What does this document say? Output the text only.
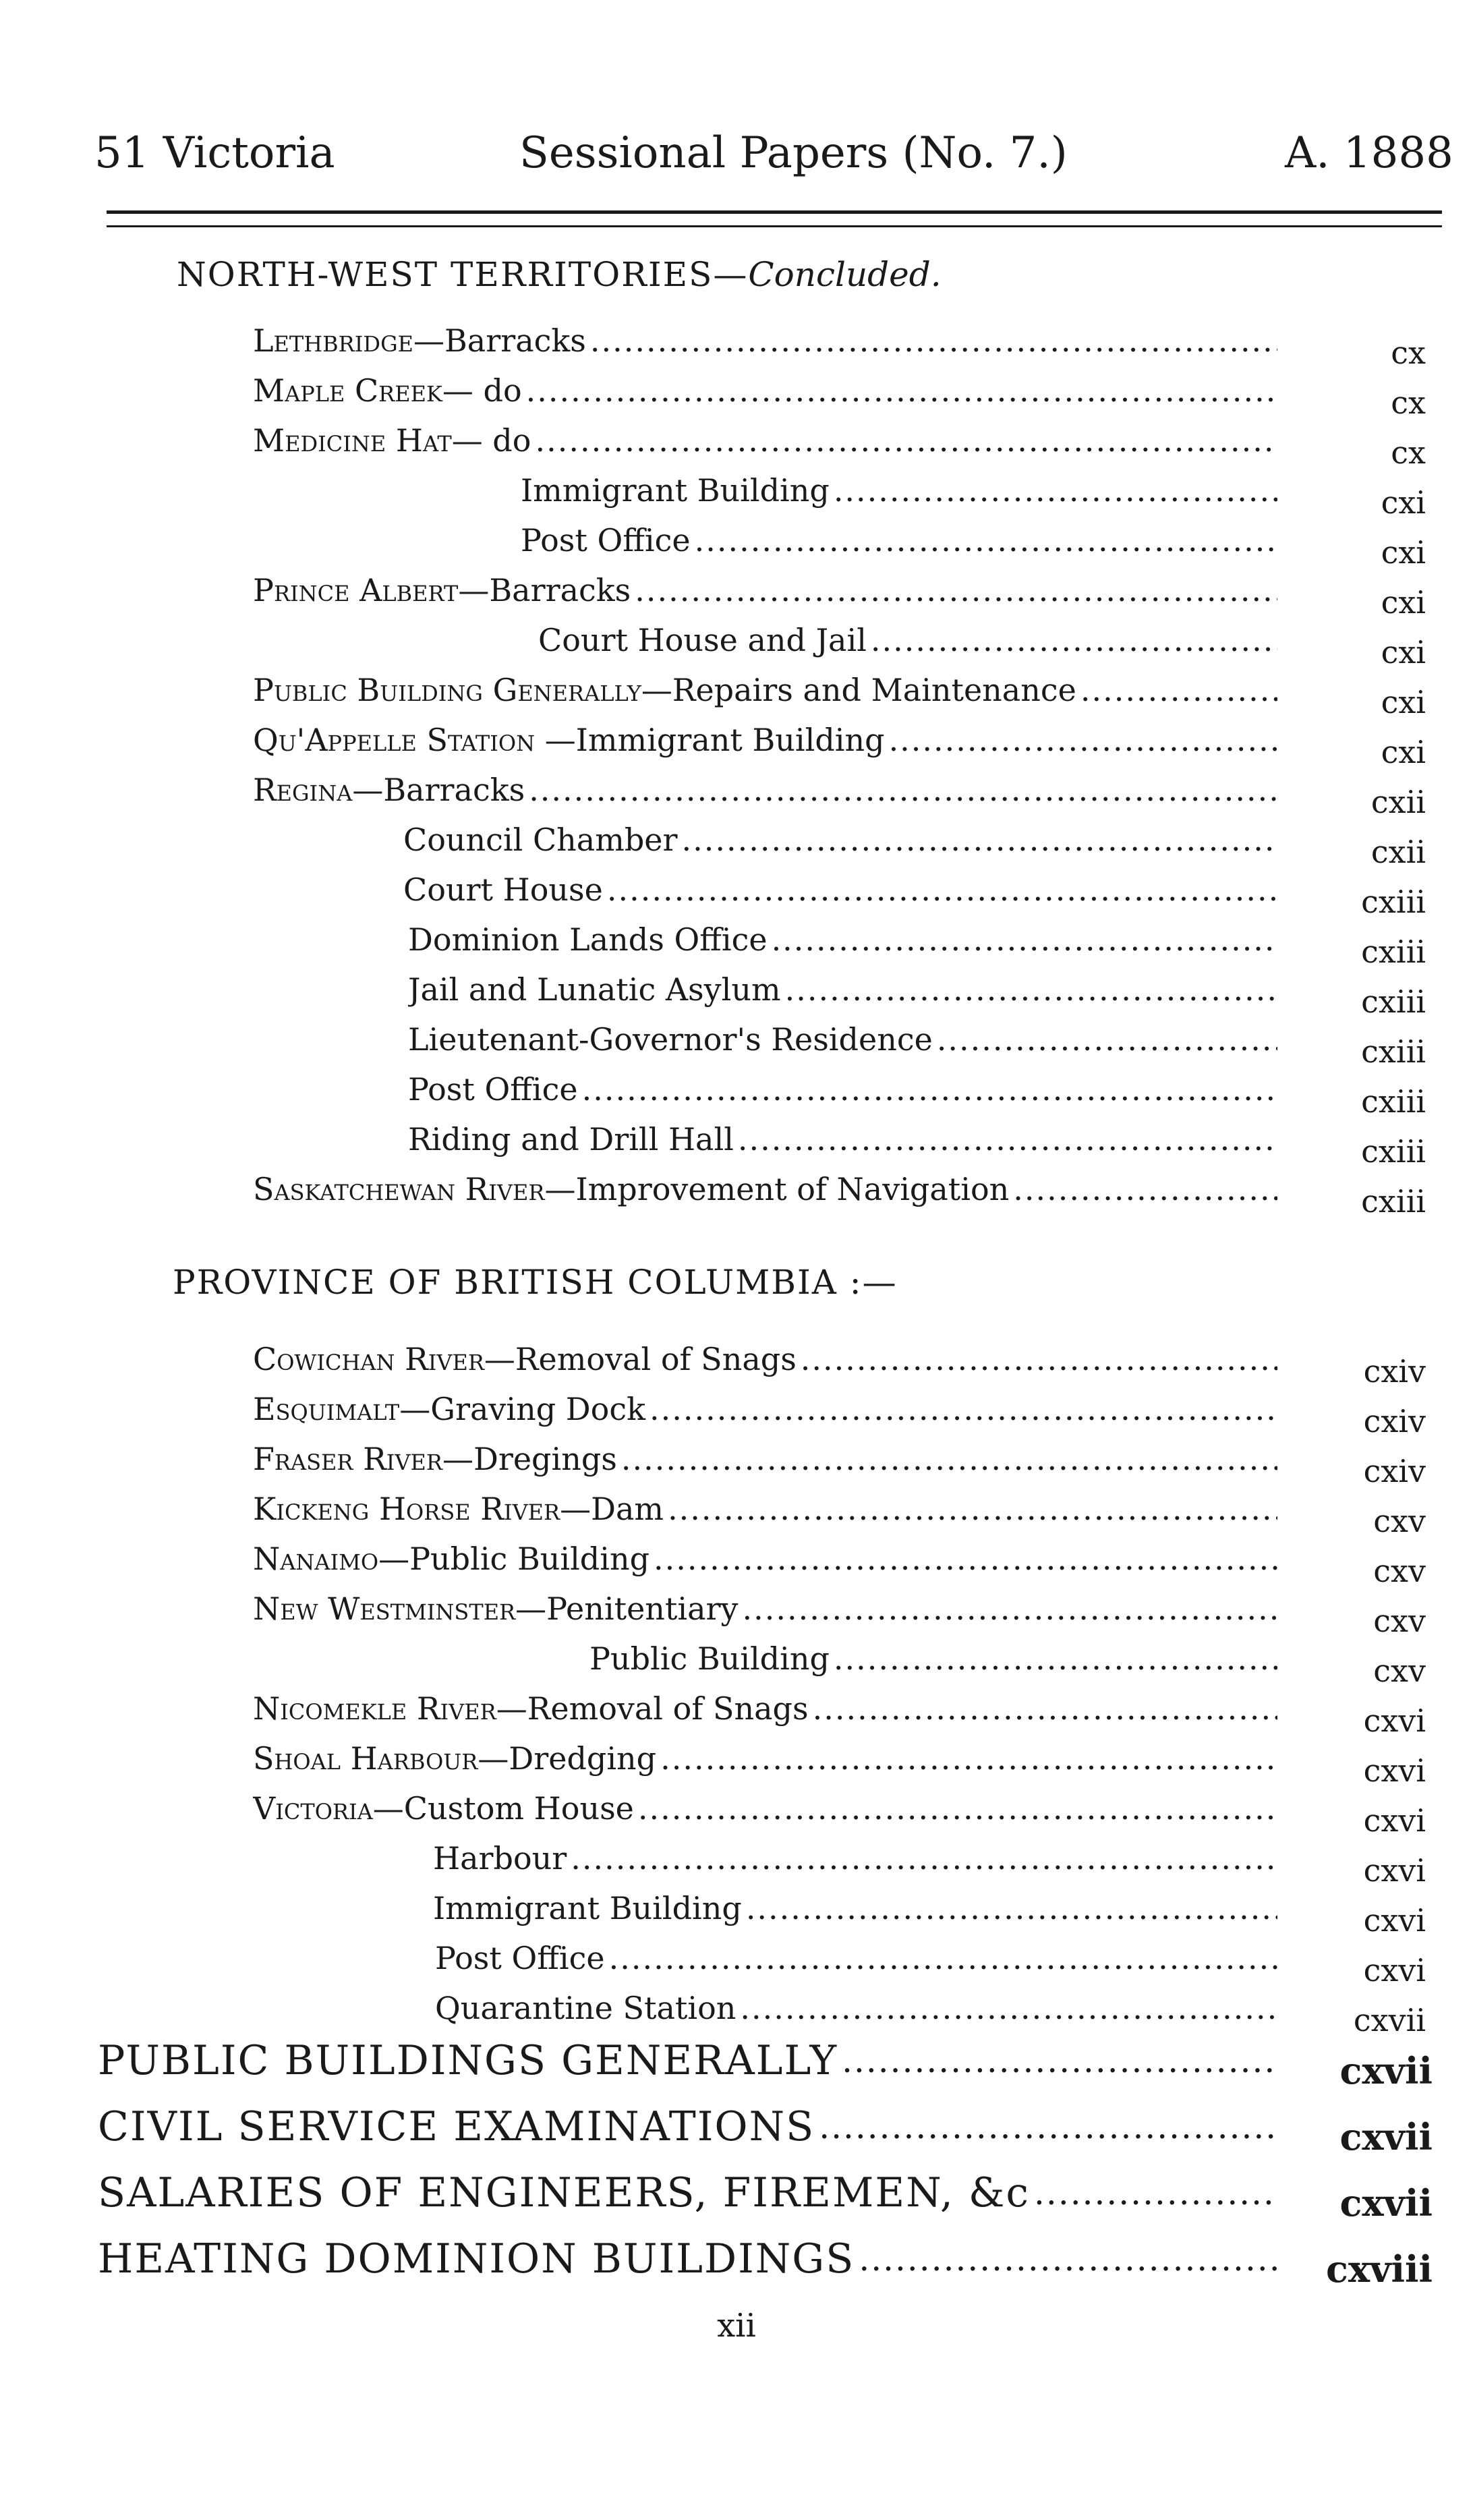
51 Victoria	Sessional Papers (No. 7.)	A. 1888
NORTH-WEST TERRITORIES—Concluded.
Lethbridge—Barracks .....	cx
Maple Creek— do .....	cx
Medicine Hat— do .....	cx
Immigrant Building .....	cxi
Post Office .....	cxi
Prince Albert—Barracks .....	cxi
Court House and Jail .....	cxi
Public Building Generally—Repairs and Maintenance .....	cxi
Qu'Appelle Station —Immigrant Building .....	cxi
Regina—Barracks .....	cxii
Council Chamber .....	cxii
Court House .....	cxiii
Dominion Lands Office .....	cxiii
Jail and Lunatic Asylum .....	cxiii
Lieutenant-Governor's Residence .....	cxiii
Post Office .....	cxiii
Riding and Drill Hall .....	cxiii
Saskatchewan River—Improvement of Navigation .....	cxiii
PROVINCE OF BRITISH COLUMBIA :—
Cowichan River—Removal of Snags .....	cxiv
Esquimalt—Graving Dock .....	cxiv
Fraser River—Dregings .....	cxiv
Kickeng Horse River—Dam .....	cxv
Nanaimo—Public Building .....	cxv
New Westminster—Penitentiary .....	cxv
Public Building .....	cxv
Nicomekle River—Removal of Snags .....	cxvi
Shoal Harbour—Dredging .....	cxvi
Victoria—Custom House .....	cxvi
Harbour .....	cxvi
Immigrant Building .....	cxvi
Post Office .....	cxvi
Quarantine Station .....	cxvii
PUBLIC BUILDINGS GENERALLY .....	cxvii
CIVIL SERVICE EXAMINATIONS .....	cxvii
SALARIES OF ENGINEERS, FIREMEN, &c .....	cxvii
HEATING DOMINION BUILDINGS .....	cxviii
xii
